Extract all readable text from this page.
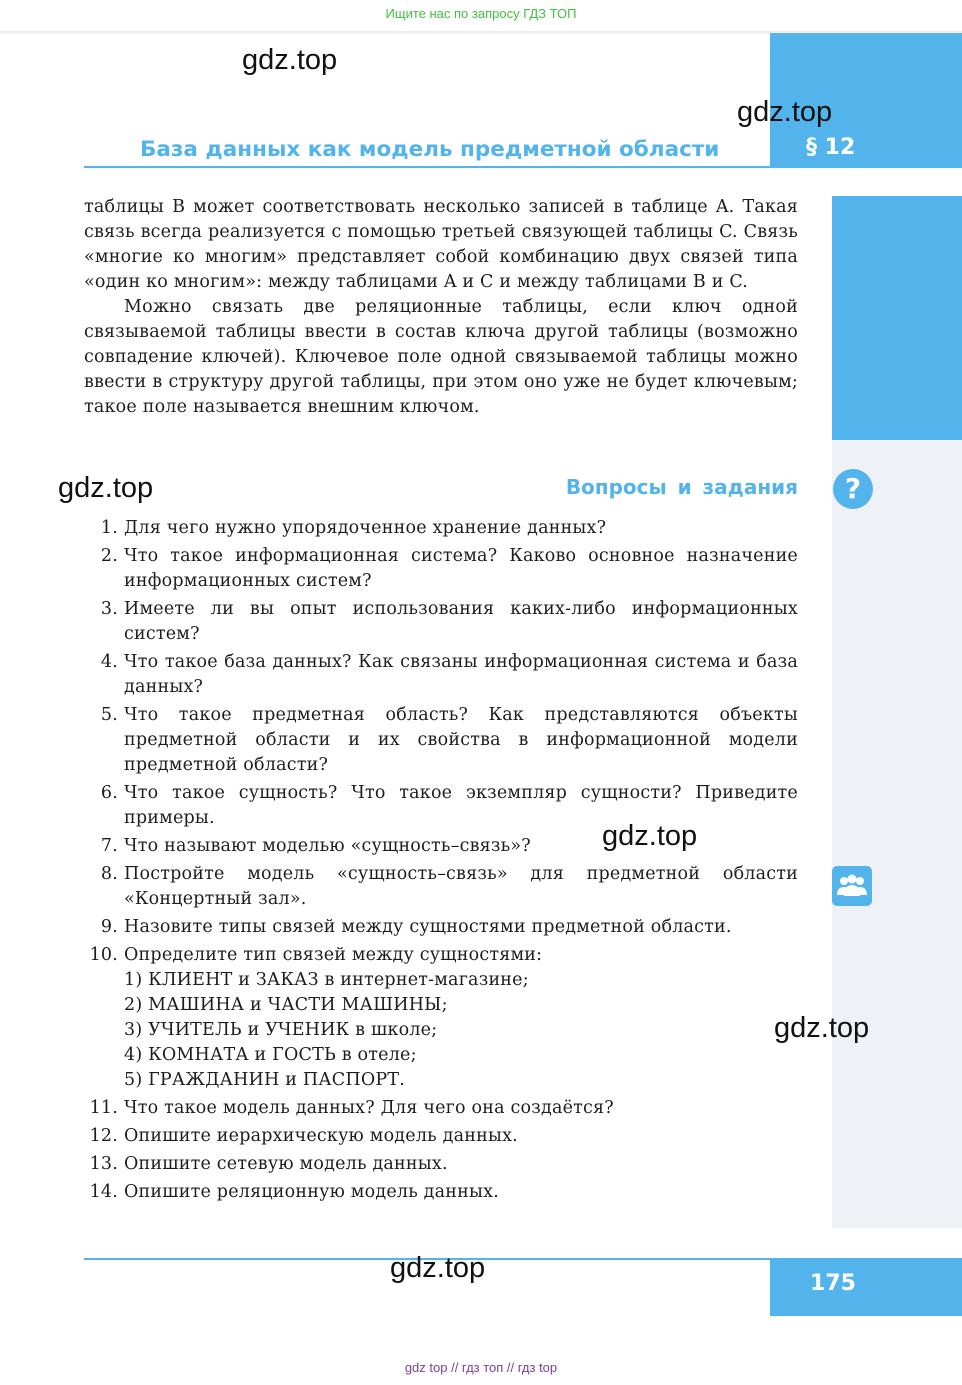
Ищите нас по запросу ГДЗ ТОП
§ 12
База данных как модель предметной области

таблицы B может соответствовать несколько записей в таблице A. Такая связь всегда реализуется с помощью третьей связующей таблицы C. Связь «многие ко многим» представляет собой комбинацию двух связей типа «один ко многим»: между таблицами A и C и между таблицами B и C.

Можно связать две реляционные таблицы, если ключ одной связываемой таблицы ввести в состав ключа другой таблицы (возможно совпадение ключей). Ключевое поле одной связываемой таблицы можно ввести в структуру другой таблицы, при этом оно уже не будет ключевым; такое поле называется внешним ключом.

Вопросы и задания	?
1. Для чего нужно упорядоченное хранение данных?
2. Что такое информационная система? Каково основное назначение информационных систем?
3. Имеете ли вы опыт использования каких-либо информационных систем?
4. Что такое база данных? Как связаны информационная система и база данных?
5. Что такое предметная область? Как представляются объекты предметной области и их свойства в информационной модели предметной области?
6. Что такое сущность? Что такое экземпляр сущности? Приведите примеры.
7. Что называют моделью «сущность–связь»?
8. Постройте модель «сущность–связь» для предметной области «Концертный зал».
9. Назовите типы связей между сущностями предметной области.
10. Определите тип связей между сущностями:
1) КЛИЕНТ и ЗАКАЗ в интернет-магазине;
2) МАШИНА и ЧАСТИ МАШИНЫ;
3) УЧИТЕЛЬ и УЧЕНИК в школе;
4) КОМНАТА и ГОСТЬ в отеле;
5) ГРАЖДАНИН и ПАСПОРТ.
11. Что такое модель данных? Для чего она создаётся?
12. Опишите иерархическую модель данных.
13. Опишите сетевую модель данных.
14. Опишите реляционную модель данных.
175
gdz.top
gdz.top
gdz.top
gdz.top
gdz.top
gdz.top
gdz top // гдз топ // гдз top
